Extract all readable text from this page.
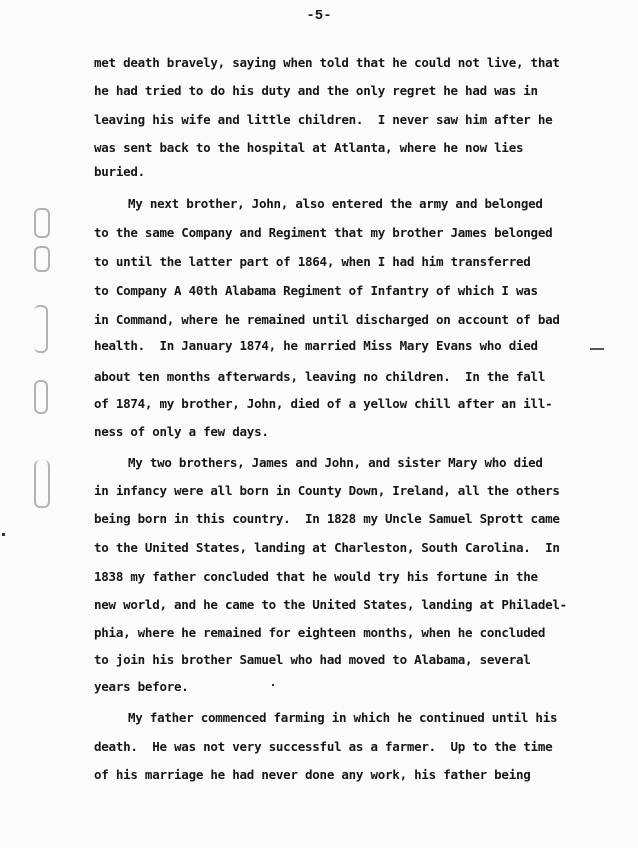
-5-
met death bravely, saying when told that he could not live, that
he had tried to do his duty and the only regret he had was in
leaving his wife and little children.  I never saw him after he
was sent back to the hospital at Atlanta, where he now lies
buried.
My next brother, John, also entered the army and belonged
to the same Company and Regiment that my brother James belonged
to until the latter part of 1864, when I had him transferred
to Company A 40th Alabama Regiment of Infantry of which I was
in Command, where he remained until discharged on account of bad
health.  In January 1874, he married Miss Mary Evans who died
about ten months afterwards, leaving no children.  In the fall
of 1874, my brother, John, died of a yellow chill after an ill-
ness of only a few days.
My two brothers, James and John, and sister Mary who died
in infancy were all born in County Down, Ireland, all the others
being born in this country.  In 1828 my Uncle Samuel Sprott came
to the United States, landing at Charleston, South Carolina.  In
1838 my father concluded that he would try his fortune in the
new world, and he came to the United States, landing at Philadel-
phia, where he remained for eighteen months, when he concluded
to join his brother Samuel who had moved to Alabama, several
years before.
My father commenced farming in which he continued until his
death.  He was not very successful as a farmer.  Up to the time
of his marriage he had never done any work, his father being
